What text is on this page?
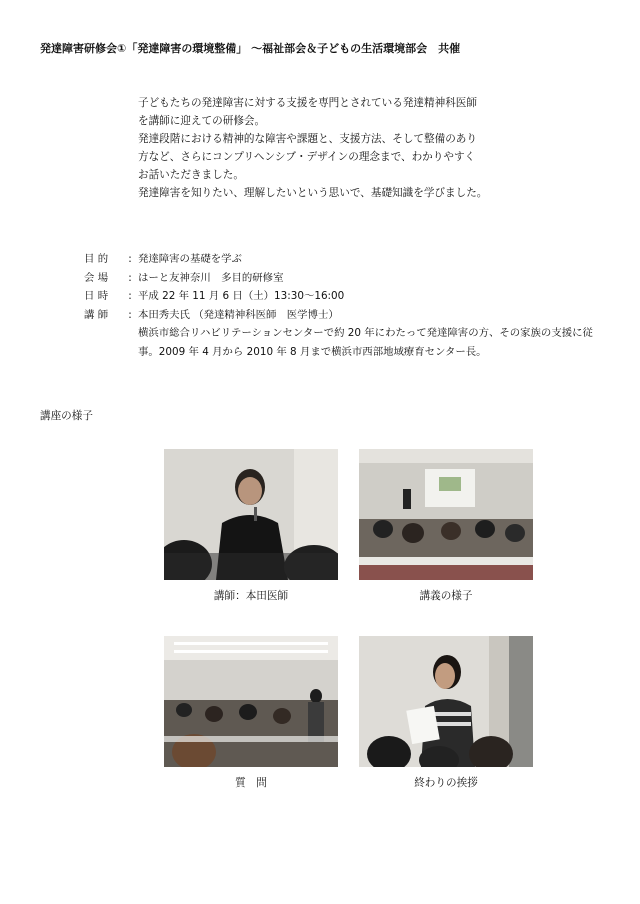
発達障害研修会①「発達障害の環境整備」 ～福祉部会＆子どもの生活環境部会　共催

子どもたちの発達障害に対する支援を専門とされている発達精神科医師

を講師に迎えての研修会。

発達段階における精神的な障害や課題と、支援方法、そして整備のあり

方など、さらにコンプリヘンシブ・デザインの理念まで、わかりやすく

お話いただきました。

発達障害を知りたい、理解したいという思いで、基礎知識を学びました。

目 的	: 発達障害の基礎を学ぶ
会 場	: はーと友神奈川　多目的研修室
日 時	: 平成 22 年 11 月 6 日（土）13:30～16:00
講 師	: 本田秀夫氏 （発達精神科医師　医学博士）
横浜市総合リハビリテーションセンターで約 20 年にわたって発達障害の方、その家族の支援に従
事。2009 年 4 月から 2010 年 8 月まで横浜市西部地域療育センター長。
講座の様子
講師：本田医師	講義の様子
質　問	終わりの挨拶
